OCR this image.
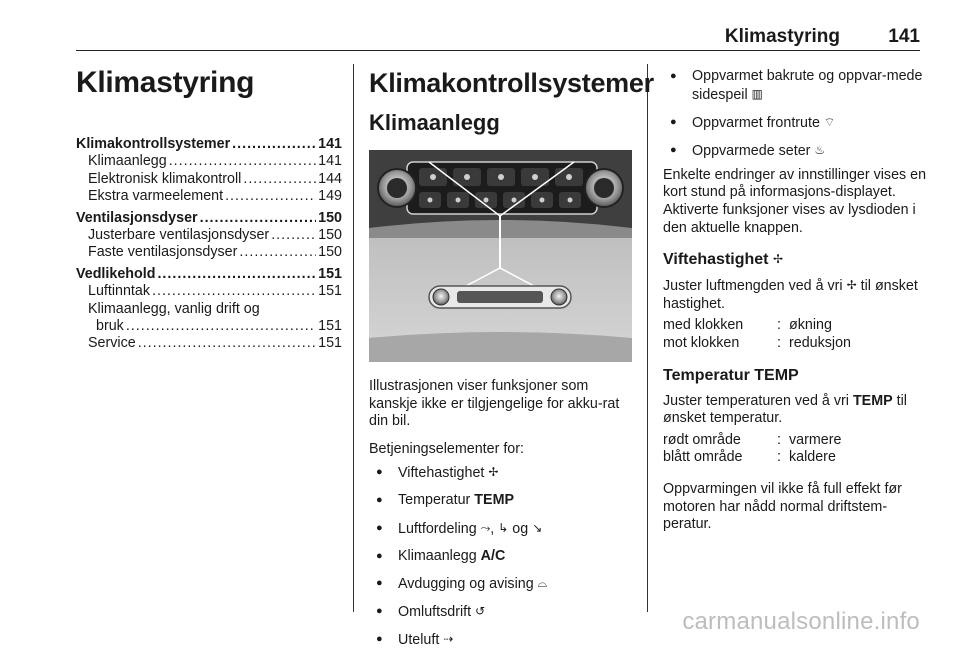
Klimastyring	141
Klimastyring
Klimakontrollsystemer .....	141
Klimaanlegg .....	141
Elektronisk klimakontroll .....	144
Ekstra varmeelement .....	149
Ventilasjonsdyser .....	150
Justerbare ventilasjonsdyser .....	150
Faste ventilasjonsdyser .....	150
Vedlikehold .....	151
Luftinntak .....	151
Klimaanlegg, vanlig drift og
bruk .....	151
Service .....	151
Klimakontrollsystemer
Klimaanlegg

Illustrasjonen viser funksjoner som kanskje ikke er tilgjengelige for akku-rat din bil.

Betjeningselementer for:

● Viftehastighet ✢
● Temperatur TEMP
● Luftfordeling ⤳, ↳ og ↘
● Klimaanlegg A/C
● Avdugging og avising ⌓
● Omluftsdrift ↺
● Uteluft ⇢
● Oppvarmet bakrute og oppvar-mede sidespeil ▥
● Oppvarmet frontrute ⌔
● Oppvarmede seter ♨

Enkelte endringer av innstillinger vises en kort stund på informasjons-displayet. Aktiverte funksjoner vises av lysdioden i den aktuelle knappen.

Viftehastighet ✢

Juster luftmengden ved å vri ✢ til ønsket hastighet.

med klokken	: økning
mot klokken	: reduksjon
Temperatur TEMP

Juster temperaturen ved å vri TEMP til ønsket temperatur.

rødt område	: varmere
blått område	: kaldere

Oppvarmingen vil ikke få full effekt før motoren har nådd normal driftstem-peratur.

carmanualsonline.info
